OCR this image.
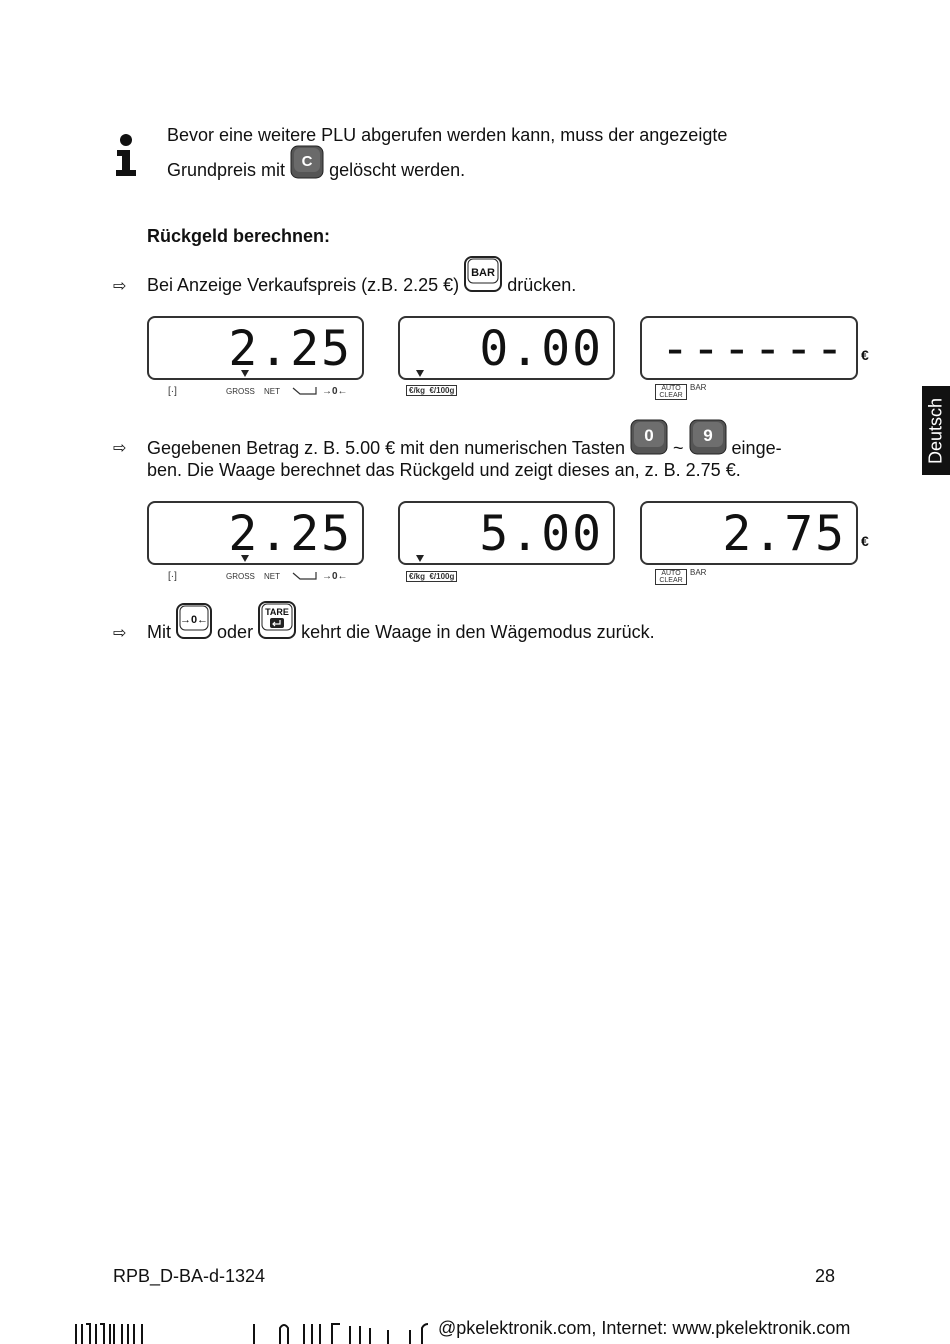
Bevor eine weitere PLU abgerufen werden kann, muss der angezeigte
Grundpreis mit C gelöscht werden.
Rückgeld berechnen:
⇨ Bei Anzeige Verkaufspreis (z.B. 2.25 €)
BAR
drücken.
2.25
[·]	GROSS NET	→0←
0.00
€/kg €/100g
------ €
AUTO CLEAR
BAR
⇨ Gegebenen Betrag z. B. 5.00 € mit den numerischen Tasten
0
~
9
einge-
ben. Die Waage berechnet das Rückgeld und zeigt dieses an, z. B. 2.75 €.
2.25
[·]	GROSS NET	→0←
5.00
€/kg €/100g
2.75 €
AUTO CLEAR
BAR
⇨ Mit
→0←
oder
TARE
kehrt die Waage in den Wägemodus zurück.
Deutsch
RPB_D-BA-d-1324	28
@pkelektronik.com, Internet: www.pkelektronik.com
